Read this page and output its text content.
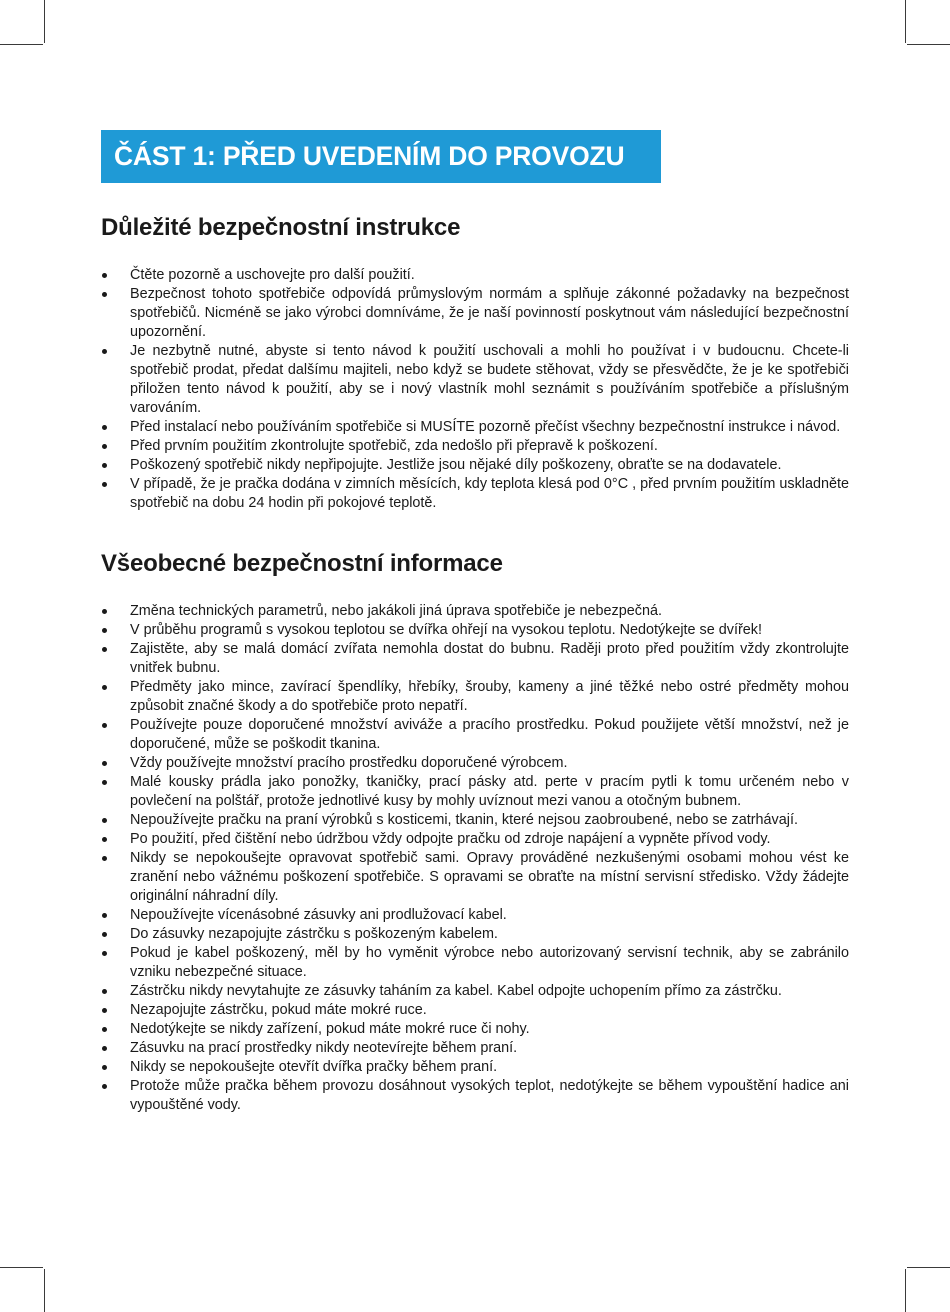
ČÁST 1: PŘED UVEDENÍM DO PROVOZU
Důležité bezpečnostní instrukce
Čtěte pozorně a uschovejte pro další použití.
Bezpečnost tohoto spotřebiče odpovídá průmyslovým normám a splňuje zákonné požadavky na bezpečnost spotřebičů. Nicméně se jako výrobci domníváme, že je naší povinností poskytnout vám následující bezpečnostní upozornění.
Je nezbytně nutné, abyste si tento návod k použití uschovali a mohli ho používat i v budoucnu. Chcete-li spotřebič prodat, předat dalšímu majiteli, nebo když se budete stěhovat, vždy se přesvědčte, že je ke spotřebiči přiložen tento návod k použití, aby se i nový vlastník mohl seznámit s používáním spotřebiče a příslušným varováním.
Před instalací nebo používáním spotřebiče si MUSÍTE pozorně přečíst všechny bezpečnostní instrukce i návod.
Před prvním použitím zkontrolujte spotřebič, zda nedošlo při přepravě k poškození.
Poškozený spotřebič nikdy nepřipojujte. Jestliže jsou nějaké díly poškozeny, obraťte se na dodavatele.
V případě, že je pračka dodána v zimních měsících, kdy teplota klesá pod 0°C , před prvním použitím uskladněte spotřebič na dobu 24 hodin při pokojové teplotě.
Všeobecné bezpečnostní informace
Změna technických parametrů, nebo jakákoli jiná úprava spotřebiče je nebezpečná.
V průběhu programů s vysokou teplotou se dvířka ohřejí na vysokou teplotu. Nedotýkejte se dvířek!
Zajistěte, aby se malá domácí zvířata nemohla dostat do bubnu. Raději proto před použitím vždy zkontrolujte vnitřek bubnu.
Předměty jako mince, zavírací špendlíky, hřebíky, šrouby, kameny a jiné těžké nebo ostré předměty mohou způsobit značné škody a do spotřebiče proto nepatří.
Používejte pouze doporučené množství aviváže a pracího prostředku. Pokud použijete větší množství, než je doporučené, může se poškodit tkanina.
Vždy používejte množství pracího prostředku doporučené výrobcem.
Malé kousky prádla jako ponožky, tkaničky, prací pásky atd. perte v pracím pytli k tomu určeném nebo v povlečení na polštář, protože jednotlivé kusy by mohly uvíznout mezi vanou a otočným bubnem.
Nepoužívejte pračku na praní výrobků s kosticemi, tkanin, které nejsou zaobroubené, nebo se zatrhávají.
Po použití, před čištění nebo údržbou vždy odpojte pračku od zdroje napájení a vypněte přívod vody.
Nikdy se nepokoušejte opravovat spotřebič sami. Opravy prováděné nezkušenými osobami mohou vést ke zranění nebo vážnému poškození spotřebiče. S opravami se obraťte na místní servisní středisko. Vždy žádejte originální náhradní díly.
Nepoužívejte vícenásobné zásuvky ani prodlužovací kabel.
Do zásuvky nezapojujte zástrčku s poškozeným kabelem.
Pokud je kabel poškozený, měl by ho vyměnit výrobce nebo autorizovaný servisní technik, aby se zabránilo vzniku nebezpečné situace.
Zástrčku nikdy nevytahujte ze zásuvky taháním za kabel. Kabel odpojte uchopením přímo za zástrčku.
Nezapojujte zástrčku, pokud máte mokré ruce.
Nedotýkejte se nikdy zařízení, pokud máte mokré ruce či nohy.
Zásuvku na prací prostředky nikdy neotevírejte během praní.
Nikdy se nepokoušejte otevřít dvířka pračky během praní.
Protože může pračka během provozu dosáhnout vysokých teplot, nedotýkejte se během vypouštění hadice ani vypouštěné vody.
